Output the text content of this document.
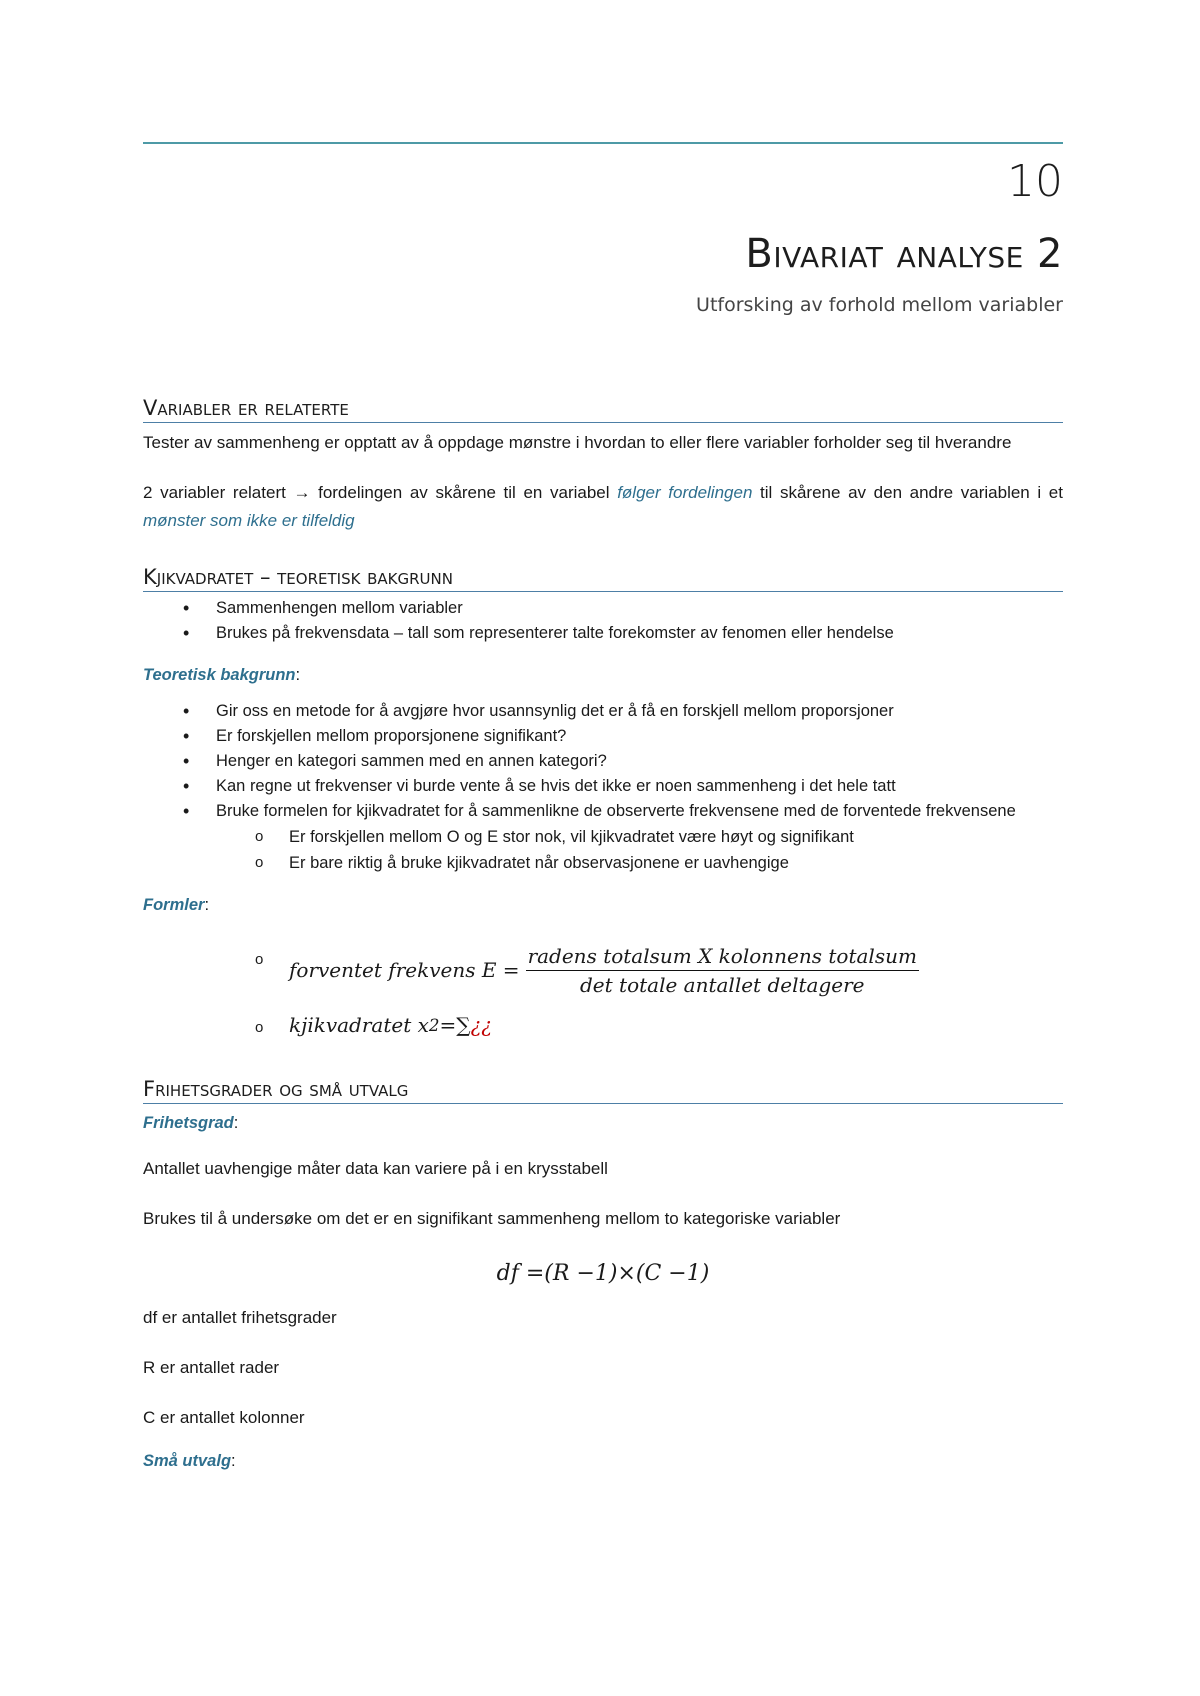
10
Bivariat analyse 2
Utforsking av forhold mellom variabler
Variabler er relaterte

Tester av sammenheng er opptatt av å oppdage mønstre i hvordan to eller flere variabler forholder seg til hverandre

2 variabler relatert → fordelingen av skårene til en variabel følger fordelingen til skårene av den andre variablen i et mønster som ikke er tilfeldig

Kjikvadratet – teoretisk bakgrunn
• Sammenhengen mellom variabler
• Brukes på frekvensdata – tall som representerer talte forekomster av fenomen eller hendelse
Teoretisk bakgrunn:
• Gir oss en metode for å avgjøre hvor usannsynlig det er å få en forskjell mellom proporsjoner
• Er forskjellen mellom proporsjonene signifikant?
• Henger en kategori sammen med en annen kategori?
• Kan regne ut frekvenser vi burde vente å se hvis det ikke er noen sammenheng i det hele tatt
• Bruke formelen for kjikvadratet for å sammenlikne de observerte frekvensene med de forventede frekvensene
o Er forskjellen mellom O og E stor nok, vil kjikvadratet være høyt og signifikant
o Er bare riktig å bruke kjikvadratet når observasjonene er uavhengige
Formler:
o forventet frekvens $E = \frac{\text{radens totalsum X kolonnens totalsum}}{\text{det totale antallet deltagere}}$
o kjikvadratet x 2 =∑ ¿¿
Frihetsgrader og små utvalg
Frihetsgrad:

Antallet uavhengige måter data kan variere på i en krysstabell

Brukes til å undersøke om det er en signifikant sammenheng mellom to kategoriske variabler

df =(R −1)×(C −1)

df er antallet frihetsgrader

R er antallet rader

C er antallet kolonner

Små utvalg:
